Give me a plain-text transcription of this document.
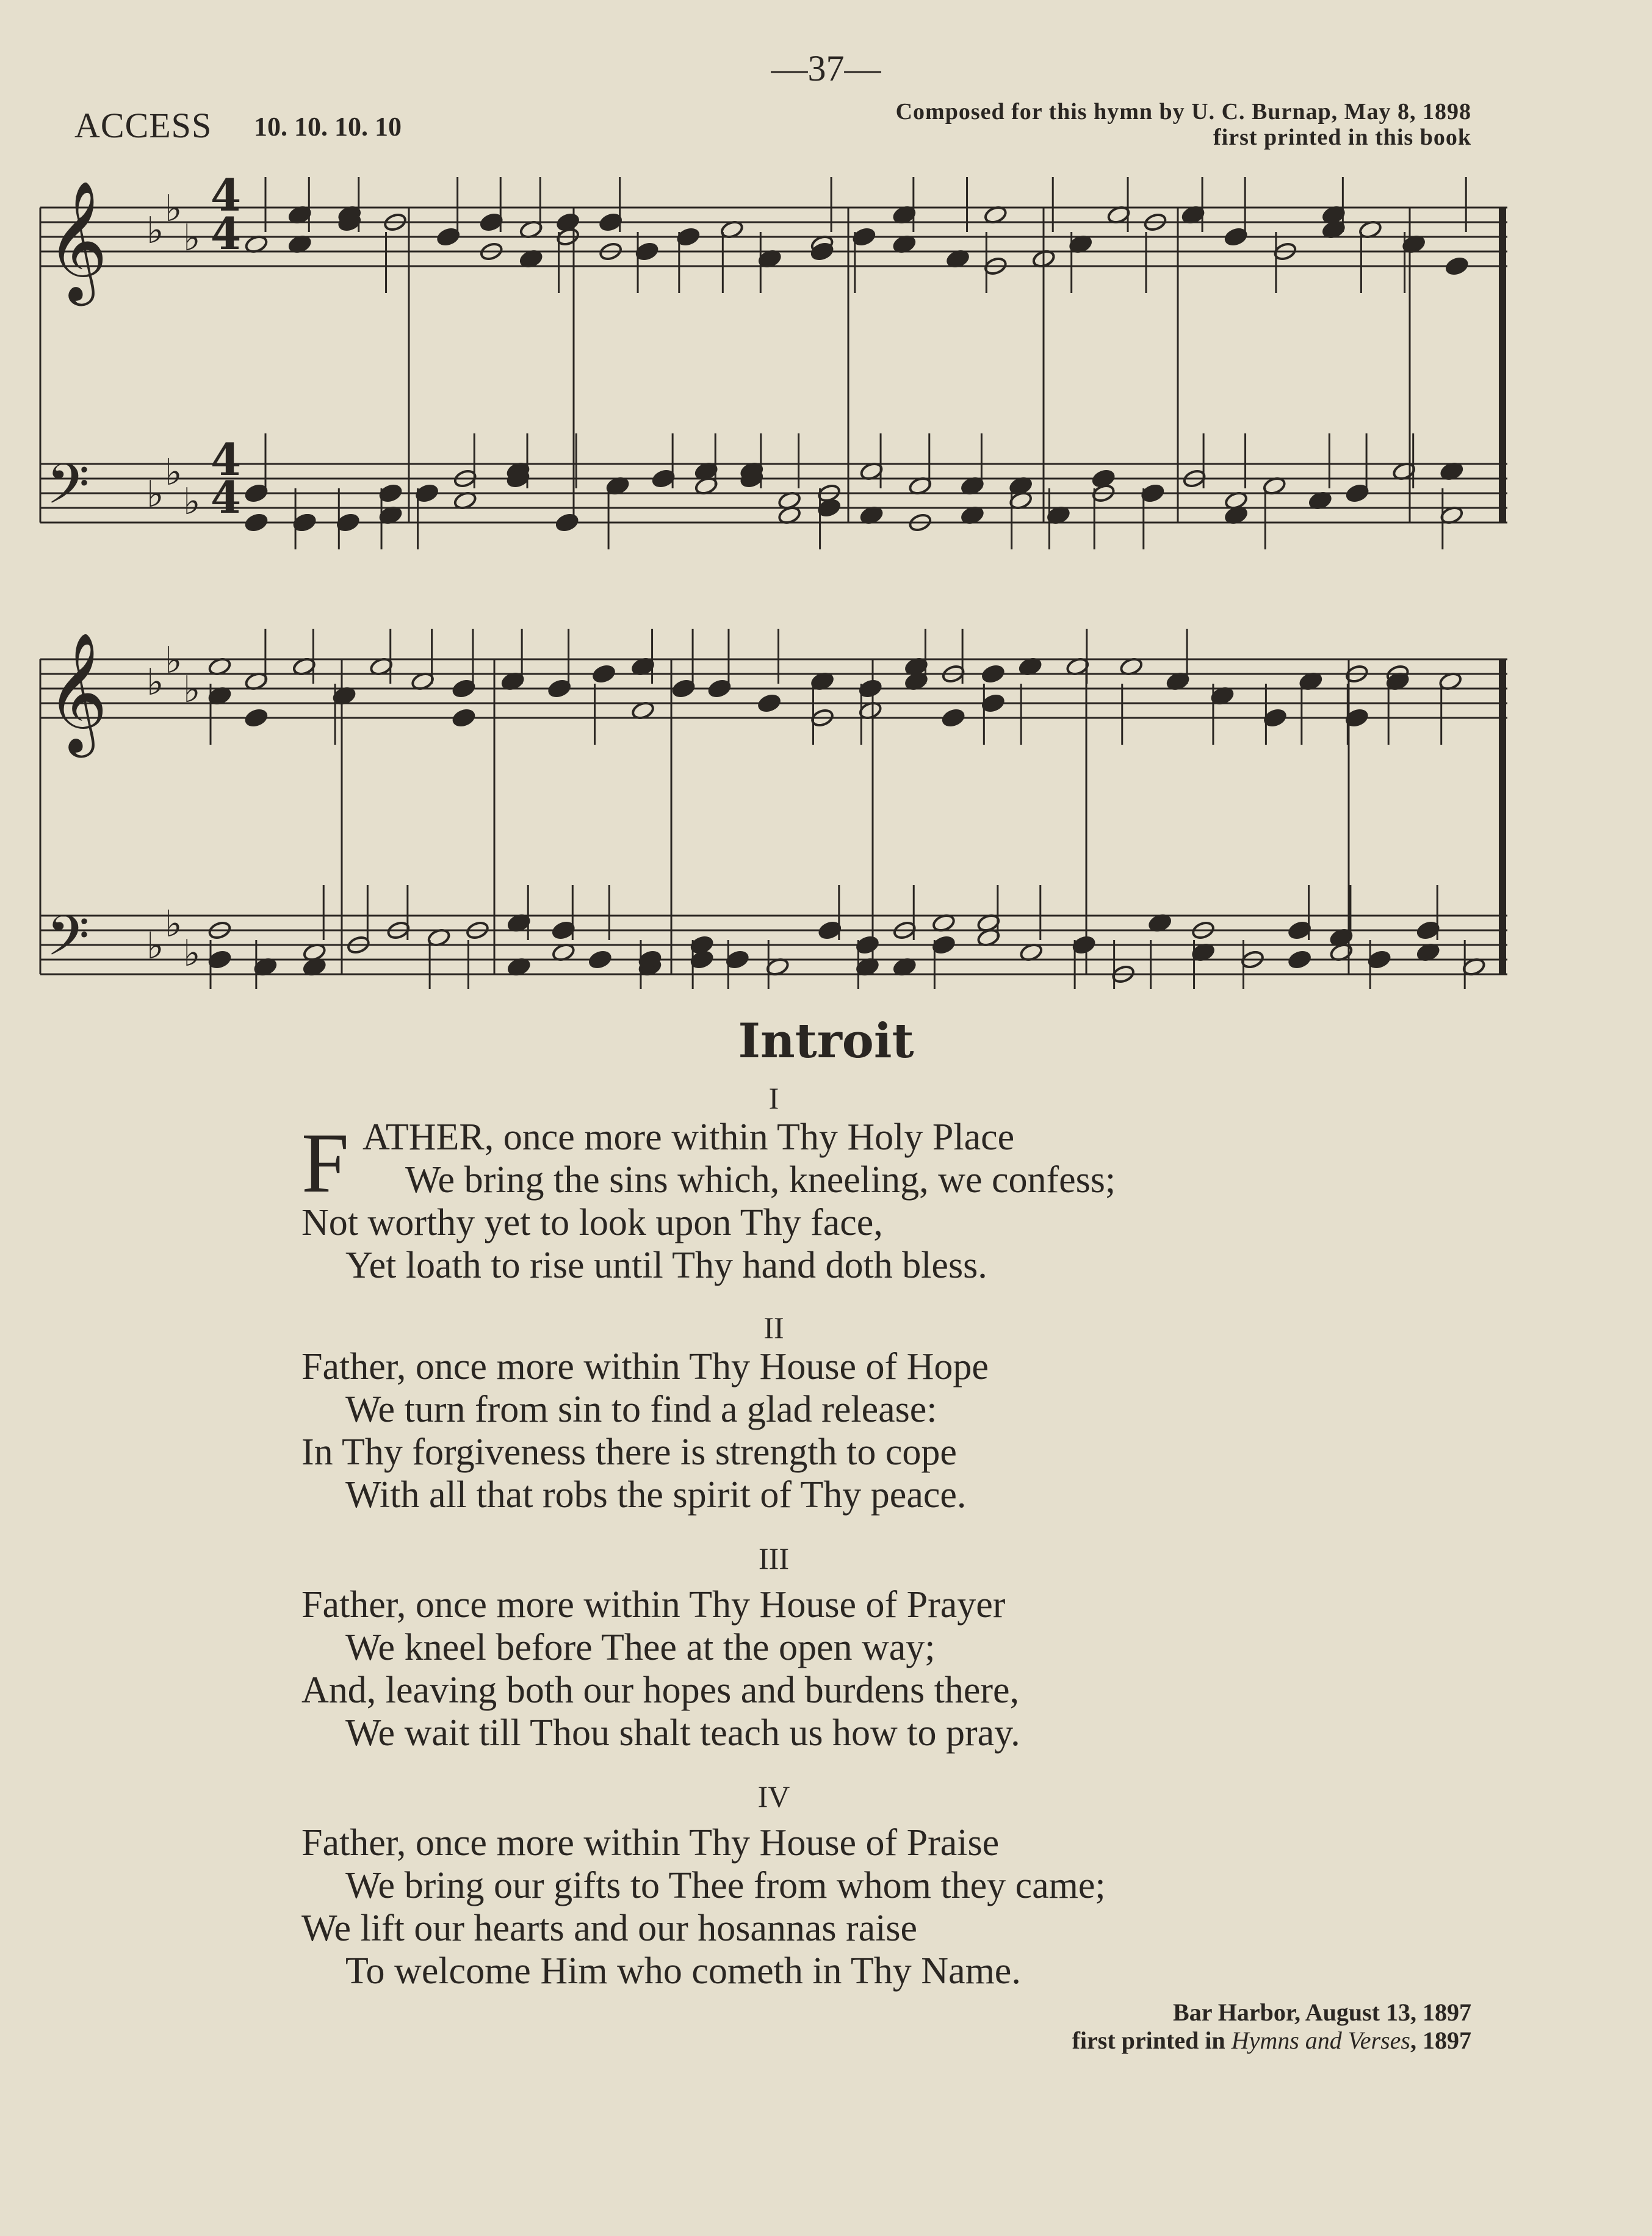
—37—
ACCESS 10. 10. 10. 10	Composed for this hymn by U. C. Burnap, May 8, 1898
first printed in this book
𝄞
𝄢
𝄞
𝄢
♭
♭
♭
♭
♭
♭
♭
♭
♭
♭
♭
♭
4
4
4
4
Introit
I
F ATHER, once more within Thy Holy Place
We bring the sins which, kneeling, we confess;
Not worthy yet to look upon Thy face,
Yet loath to rise until Thy hand doth bless.
II
Father, once more within Thy House of Hope
We turn from sin to find a glad release:
In Thy forgiveness there is strength to cope
With all that robs the spirit of Thy peace.
III
Father, once more within Thy House of Prayer
We kneel before Thee at the open way;
And, leaving both our hopes and burdens there,
We wait till Thou shalt teach us how to pray.
IV
Father, once more within Thy House of Praise
We bring our gifts to Thee from whom they came;
We lift our hearts and our hosannas raise
To welcome Him who cometh in Thy Name.
Bar Harbor, August 13, 1897
first printed in Hymns and Verses, 1897
